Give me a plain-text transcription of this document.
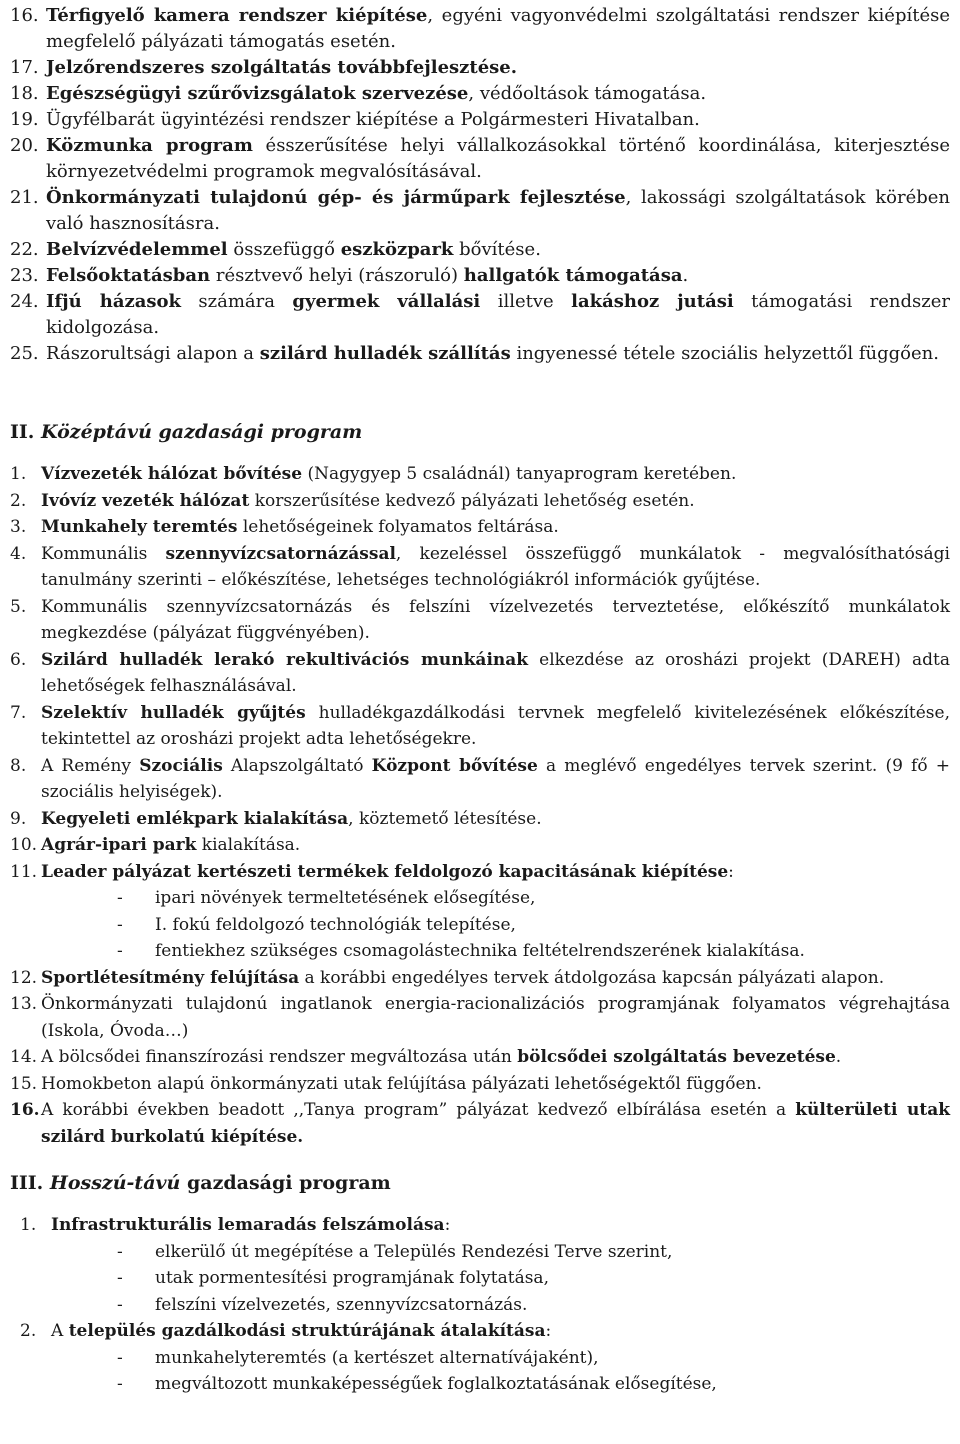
16. Térfigyelő kamera rendszer kiépítése, egyéni vagyonvédelmi szolgáltatási rendszer kiépítése megfelelő pályázati támogatás esetén.
17. Jelzőrendszeres szolgáltatás továbbfejlesztése.
18. Egészségügyi szűrővizsgálatok szervezése, védőoltások támogatása.
19. Ügyfélbarát ügyintézési rendszer kiépítése a Polgármesteri Hivatalban.
20. Közmunka program ésszerűsítése helyi vállalkozásokkal történő koordinálása, kiterjesztése környezetvédelmi programok megvalósításával.
21. Önkormányzati tulajdonú gép- és járműpark fejlesztése, lakossági szolgáltatások körében való hasznosításra.
22. Belvízvédelemmel összefüggő eszközpark bővítése.
23. Felsőoktatásban résztvevő helyi (rászoruló) hallgatók támogatása.
24. Ifjú házasok számára gyermek vállalási illetve lakáshoz jutási támogatási rendszer kidolgozása.
25. Rászorultsági alapon a szilárd hulladék szállítás ingyenessé tétele szociális helyzettől függően.
II. Középtávú gazdasági program
1. Vízvezeték hálózat bővítése (Nagygyep 5 családnál) tanyaprogram keretében.
2. Ivóvíz vezeték hálózat korszerűsítése kedvező pályázati lehetőség esetén.
3. Munkahely teremtés lehetőségeinek folyamatos feltárása.
4. Kommunális szennyvízcsatornázással, kezeléssel összefüggő munkálatok - megvalósíthatósági tanulmány szerinti – előkészítése, lehetséges technológiákról információk gyűjtése.
5. Kommunális szennyvízcsatornázás és felszíni vízelvezetés terveztetése, előkészítő munkálatok megkezdése (pályázat függvényében).
6. Szilárd hulladék lerakó rekultivációs munkáinak elkezdése az orosházi projekt (DAREH) adta lehetőségek felhasználásával.
7. Szelektív hulladék gyűjtés hulladékgazdálkodási tervnek megfelelő kivitelezésének előkészítése, tekintettel az orosházi projekt adta lehetőségekre.
8. A Remény Szociális Alapszolgáltató Központ bővítése a meglévő engedélyes tervek szerint. (9 fő + szociális helyiségek).
9. Kegyeleti emlékpark kialakítása, köztemető létesítése.
10. Agrár-ipari park kialakítása.
11. Leader pályázat kertészeti termékek feldolgozó kapacitásának kiépítése:
-	ipari növények termeltetésének elősegítése,
-	I. fokú feldolgozó technológiák telepítése,
-	fentiekhez szükséges csomagolástechnika feltételrendszerének kialakítása.
12. Sportlétesítmény felújítása a korábbi engedélyes tervek átdolgozása kapcsán pályázati alapon.
13. Önkormányzati tulajdonú ingatlanok energia-racionalizációs programjának folyamatos végrehajtása (Iskola, Óvoda…)
14. A bölcsődei finanszírozási rendszer megváltozása után bölcsődei szolgáltatás bevezetése.
15. Homokbeton alapú önkormányzati utak felújítása pályázati lehetőségektől függően.
16. A korábbi években beadott ,,Tanya program” pályázat kedvező elbírálása esetén a külterületi utak szilárd burkolatú kiépítése.
III. Hosszú-távú gazdasági program
1. Infrastrukturális lemaradás felszámolása:
-	elkerülő út megépítése a Település Rendezési Terve szerint,
-	utak pormentesítési programjának folytatása,
-	felszíni vízelvezetés, szennyvízcsatornázás.
2. A település gazdálkodási struktúrájának átalakítása:
-	munkahelyteremtés (a kertészet alternatívájaként),
-	megváltozott munkaképességűek foglalkoztatásának elősegítése,
